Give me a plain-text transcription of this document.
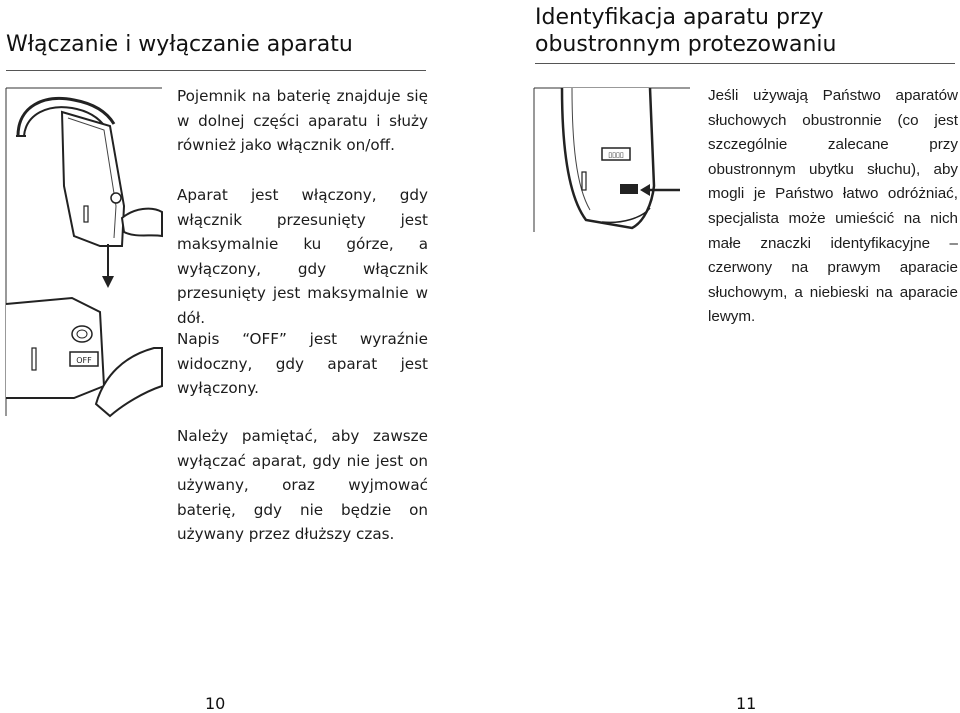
Włączanie i wyłączanie aparatu
OFF

Pojemnik na baterię znajduje się w dolnej części aparatu i służy również jako włącznik on/off.

Aparat jest włączony, gdy włącznik przesunięty jest maksymalnie ku górze, a wyłączony, gdy włącznik przesunięty jest maksymalnie w dół.

Napis “OFF” jest wyraźnie widoczny, gdy aparat jest wyłączony.

Należy pamiętać, aby zawsze wyłączać aparat, gdy nie jest on używany, oraz wyjmować baterię, gdy nie będzie on używany przez dłuższy czas.

10
Identyfikacja aparatu przy obustronnym protezowaniu
▯▯▯▯

Jeśli używają Państwo aparatów słuchowych obustronnie (co jest szczególnie zalecane przy obustronnym ubytku słuchu), aby mogli je Państwo łatwo odróżniać, specjalista może umieścić na nich małe znaczki identyfikacyjne – czerwony na prawym aparacie słuchowym, a niebieski na aparacie lewym.

11
